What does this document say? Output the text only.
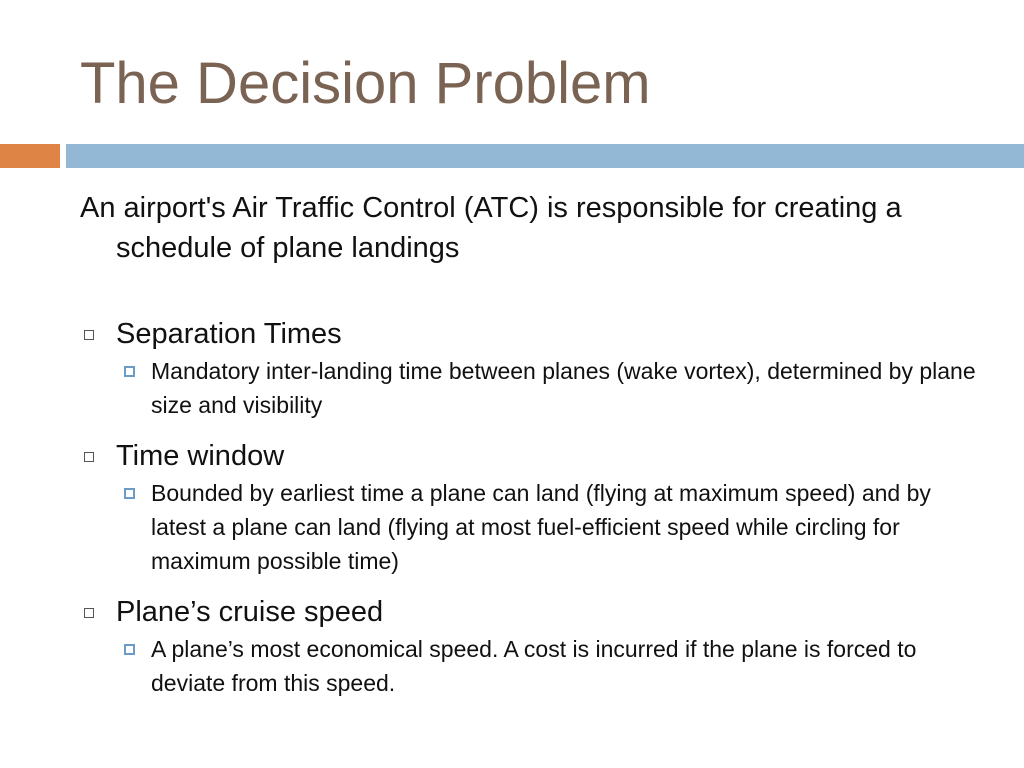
The Decision Problem

An airport's Air Traffic Control (ATC) is responsible for creating a schedule of plane landings

Separation Times

Mandatory inter-landing time between planes (wake vortex), determined by plane size and visibility

Time window

Bounded by earliest time a plane can land (flying at maximum speed) and by latest a plane can land (flying at most fuel-efficient speed while circling for maximum possible time)

Plane’s cruise speed

A plane’s most economical speed. A cost is incurred if the plane is forced to deviate from this speed.
